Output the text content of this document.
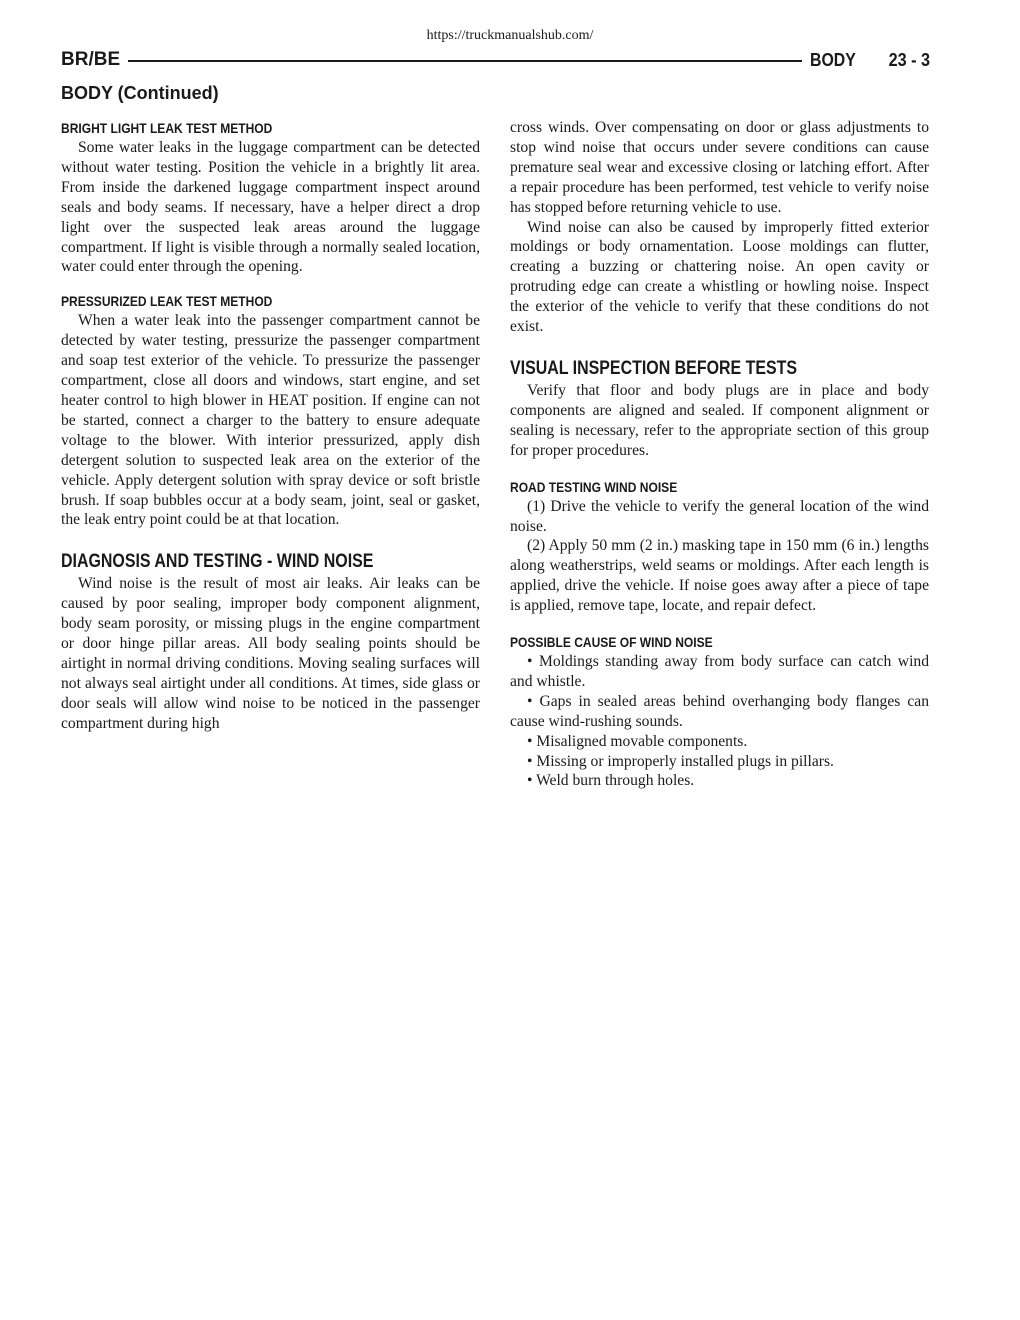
https://truckmanualshub.com/
BR/BE	BODY 23 - 3
BODY (Continued)
BRIGHT LIGHT LEAK TEST METHOD

Some water leaks in the luggage compartment can be detected without water testing. Position the vehicle in a brightly lit area. From inside the darkened luggage compartment inspect around seals and body seams. If necessary, have a helper direct a drop light over the suspected leak areas around the luggage compartment. If light is visible through a normally sealed location, water could enter through the opening.

PRESSURIZED LEAK TEST METHOD

When a water leak into the passenger compartment cannot be detected by water testing, pressurize the passenger compartment and soap test exterior of the vehicle. To pressurize the passenger compartment, close all doors and windows, start engine, and set heater control to high blower in HEAT position. If engine can not be started, connect a charger to the battery to ensure adequate voltage to the blower. With interior pressurized, apply dish detergent solution to suspected leak area on the exterior of the vehicle. Apply detergent solution with spray device or soft bristle brush. If soap bubbles occur at a body seam, joint, seal or gasket, the leak entry point could be at that location.

DIAGNOSIS AND TESTING - WIND NOISE

Wind noise is the result of most air leaks. Air leaks can be caused by poor sealing, improper body component alignment, body seam porosity, or missing plugs in the engine compartment or door hinge pillar areas. All body sealing points should be airtight in normal driving conditions. Moving sealing surfaces will not always seal airtight under all conditions. At times, side glass or door seals will allow wind noise to be noticed in the passenger compartment during high

cross winds. Over compensating on door or glass adjustments to stop wind noise that occurs under severe conditions can cause premature seal wear and excessive closing or latching effort. After a repair procedure has been performed, test vehicle to verify noise has stopped before returning vehicle to use.

Wind noise can also be caused by improperly fitted exterior moldings or body ornamentation. Loose moldings can flutter, creating a buzzing or chattering noise. An open cavity or protruding edge can create a whistling or howling noise. Inspect the exterior of the vehicle to verify that these conditions do not exist.

VISUAL INSPECTION BEFORE TESTS

Verify that floor and body plugs are in place and body components are aligned and sealed. If component alignment or sealing is necessary, refer to the appropriate section of this group for proper procedures.

ROAD TESTING WIND NOISE

(1) Drive the vehicle to verify the general location of the wind noise.

(2) Apply 50 mm (2 in.) masking tape in 150 mm (6 in.) lengths along weatherstrips, weld seams or moldings. After each length is applied, drive the vehicle. If noise goes away after a piece of tape is applied, remove tape, locate, and repair defect.

POSSIBLE CAUSE OF WIND NOISE

• Moldings standing away from body surface can catch wind and whistle.

• Gaps in sealed areas behind overhanging body flanges can cause wind-rushing sounds.

• Misaligned movable components.

• Missing or improperly installed plugs in pillars.

• Weld burn through holes.
